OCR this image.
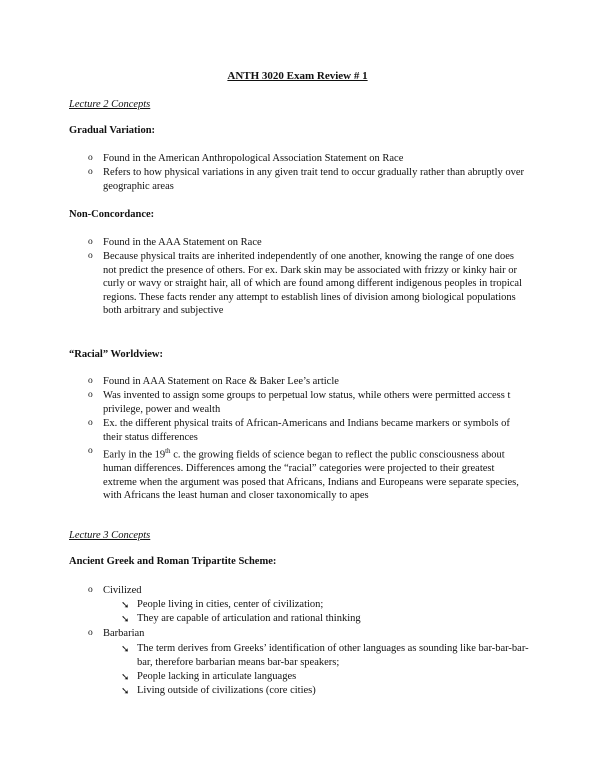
ANTH 3020 Exam Review # 1
Lecture 2 Concepts
Gradual Variation:
o Found in the American Anthropological Association Statement on Race
o Refers to how physical variations in any given trait tend to occur gradually rather than abruptly over geographic areas
Non-Concordance:
o Found in the AAA Statement on Race
o Because physical traits are inherited independently of one another, knowing the range of one does not predict the presence of others. For ex. Dark skin may be associated with frizzy or kinky hair or curly or wavy or straight hair, all of which are found among different indigenous peoples in tropical regions. These facts render any attempt to establish lines of division among biological populations both arbitrary and subjective
“Racial” Worldview:
o Found in AAA Statement on Race & Baker Lee’s article
o Was invented to assign some groups to perpetual low status, while others were permitted access t privilege, power and wealth
o Ex. the different physical traits of African-Americans and Indians became markers or symbols of their status differences
o Early in the 19th c. the growing fields of science began to reflect the public consciousness about human differences. Differences among the “racial” categories were projected to their greatest extreme when the argument was posed that Africans, Indians and Europeans were separate species, with Africans the least human and closer taxonomically to apes
Lecture 3 Concepts
Ancient Greek and Roman Tripartite Scheme:
o Civilized
➘ People living in cities, center of civilization;
➘ They are capable of articulation and rational thinking
o Barbarian
➘ The term derives from Greeks’ identification of other languages as sounding like bar-bar-bar-bar, therefore barbarian means bar-bar speakers;
➘ People lacking in articulate languages
➘ Living outside of civilizations (core cities)
